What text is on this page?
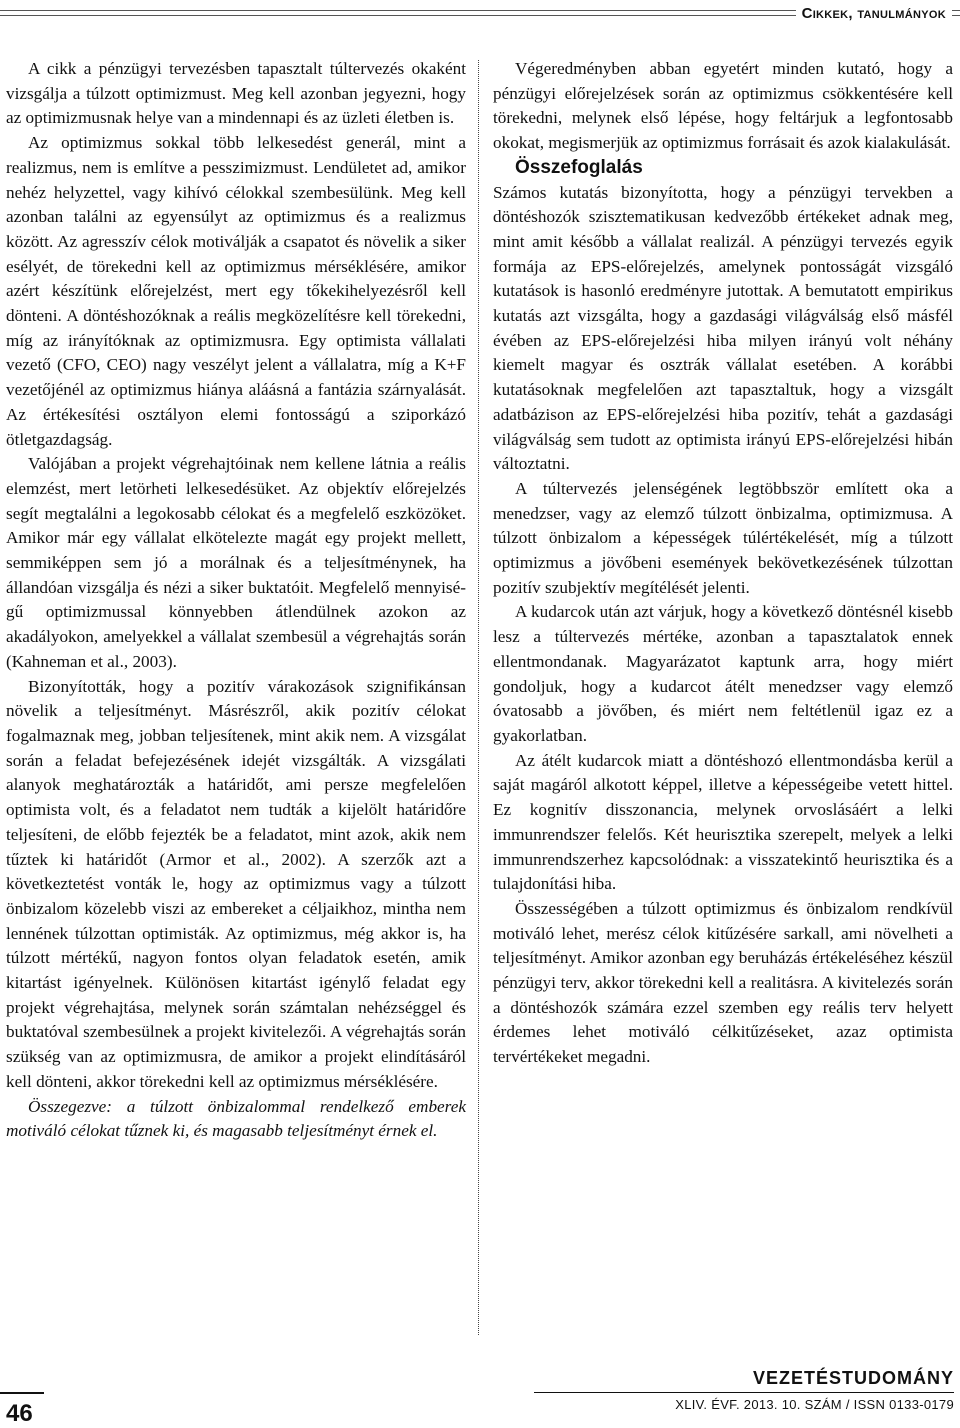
Cikkek, tanulmányok

A cikk a pénzügyi tervezésben tapasztalt túltervezés okaként vizsgálja a túlzott optimizmust. Meg kell azonban jegyezni, hogy az optimizmusnak helye van a mindennapi és az üzleti életben is.

Az optimizmus sokkal több lelkesedést generál, mint a realizmus, nem is említve a pesszimizmust. Lendületet ad, amikor nehéz helyzettel, vagy kihívó célokkal szembesülünk. Meg kell azonban találni az egyensúlyt az optimizmus és a realizmus között. Az agresszív célok motiválják a csapatot és növelik a siker esélyét, de törekedni kell az optimizmus mérséklésére, amikor azért készítünk előrejelzést, mert egy tőkekihelyezésről kell dönteni. A döntéshozóknak a reális megközelítésre kell törekedni, míg az irányítóknak az optimizmusra. Egy optimista vállalati vezető (CFO, CEO) nagy veszélyt jelent a vállalatra, míg a K+F vezetőjénél az optimizmus hiánya aláásná a fantázia szárnyalását. Az értékesítési osztályon elemi fontosságú a sziporkázó ötletgazdagság.

Valójában a projekt végrehajtóinak nem kellene látnia a reális elemzést, mert letörheti lelkesedésüket. Az objektív előrejelzés segít megtalálni a legokosabb célokat és a megfelelő eszközöket. Amikor már egy vállalat elkötelezte magát egy projekt mellett, semmiképpen sem jó a morálnak és a teljesítménynek, ha állandóan vizsgálja és nézi a siker buktatóit. Megfelelő mennyiségű optimizmussal könnyebben átlendülnek azokon az akadályokon, amelyekkel a vállalat szembesül a végrehajtás során (Kahneman et al., 2003).

Bizonyították, hogy a pozitív várakozások szignifikánsan növelik a teljesítményt. Másrészről, akik pozitív célokat fogalmaznak meg, jobban teljesítenek, mint akik nem. A vizsgálat során a feladat befejezésének idejét vizsgálták. A vizsgálati alanyok meghatározták a határidőt, ami persze megfelelően optimista volt, és a feladatot nem tudták a kijelölt határidőre teljesíteni, de előbb fejezték be a feladatot, mint azok, akik nem tűztek ki határidőt (Armor et al., 2002). A szerzők azt a következtetést vonták le, hogy az optimizmus vagy a túlzott önbizalom közelebb viszi az embereket a céljaikhoz, mintha nem lennének túlzottan optimisták. Az optimizmus, még akkor is, ha túlzott mértékű, nagyon fontos olyan feladatok esetén, amik kitartást igényelnek. Különösen kitartást igénylő feladat egy projekt végrehajtása, melynek során számtalan nehézséggel és buktatóval szembesülnek a projekt kivitelezői. A végrehajtás során szükség van az optimizmusra, de amikor a projekt elindításáról kell dönteni, akkor törekedni kell az optimizmus mérséklésére.

Összegezve: a túlzott önbizalommal rendelkező emberek motiváló célokat tűznek ki, és magasabb teljesítményt érnek el.

Végeredményben abban egyetért minden kutató, hogy a pénzügyi előrejelzések során az optimizmus csökkentésére kell törekedni, melynek első lépése, hogy feltárjuk a legfontosabb okokat, megismerjük az optimizmus forrásait és azok kialakulását.

Összefoglalás

Számos kutatás bizonyította, hogy a pénzügyi tervekben a döntéshozók szisztematikusan kedvezőbb értékeket adnak meg, mint amit később a vállalat realizál. A pénzügyi tervezés egyik formája az EPS-előrejelzés, amelynek pontosságát vizsgáló kutatások is hasonló eredményre jutottak. A bemutatott empirikus kutatás azt vizsgálta, hogy a gazdasági világválság első másfél évében az EPS-előrejelzési hiba milyen irányú volt néhány kiemelt magyar és osztrák vállalat esetében. A korábbi kutatásoknak megfelelően azt tapasztaltuk, hogy a vizsgált adatbázison az EPS-előrejelzési hiba pozitív, tehát a gazdasági világválság sem tudott az optimista irányú EPS-előrejelzési hibán változtatni.

A túltervezés jelenségének legtöbbször említett oka a menedzser, vagy az elemző túlzott önbizalma, optimizmusa. A túlzott önbizalom a képességek túlértékelését, míg a túlzott optimizmus a jövőbeni események bekövetkezésének túlzottan pozitív szubjektív megítélését jelenti.

A kudarcok után azt várjuk, hogy a következő döntésnél kisebb lesz a túltervezés mértéke, azonban a tapasztalatok ennek ellentmondanak. Magyarázatot kaptunk arra, hogy miért gondoljuk, hogy a kudarcot átélt menedzser vagy elemző óvatosabb a jövőben, és miért nem feltétlenül igaz ez a gyakorlatban.

Az átélt kudarcok miatt a döntéshozó ellentmondásba kerül a saját magáról alkotott képpel, illetve a képességeibe vetett hittel. Ez kognitív disszonancia, melynek orvoslásáért a lelki immunrendszer felelős. Két heurisztika szerepelt, melyek a lelki immunrendszerhez kapcsolódnak: a visszatekintő heurisztika és a tulajdonítási hiba.

Összességében a túlzott optimizmus és önbizalom rendkívül motiváló lehet, merész célok kitűzésére sarkall, ami növelheti a teljesítményt. Amikor azonban egy beruházás értékeléséhez készül pénzügyi terv, akkor törekedni kell a realitásra. A kivitelezés során a döntéshozók számára ezzel szemben egy reális terv helyett érdemes lehet motiváló célkitűzéseket, azaz optimista tervértékeket megadni.

46
VEZETÉSTUDOMÁNY
XLIV. ÉVF. 2013. 10. SZÁM / ISSN 0133-0179
